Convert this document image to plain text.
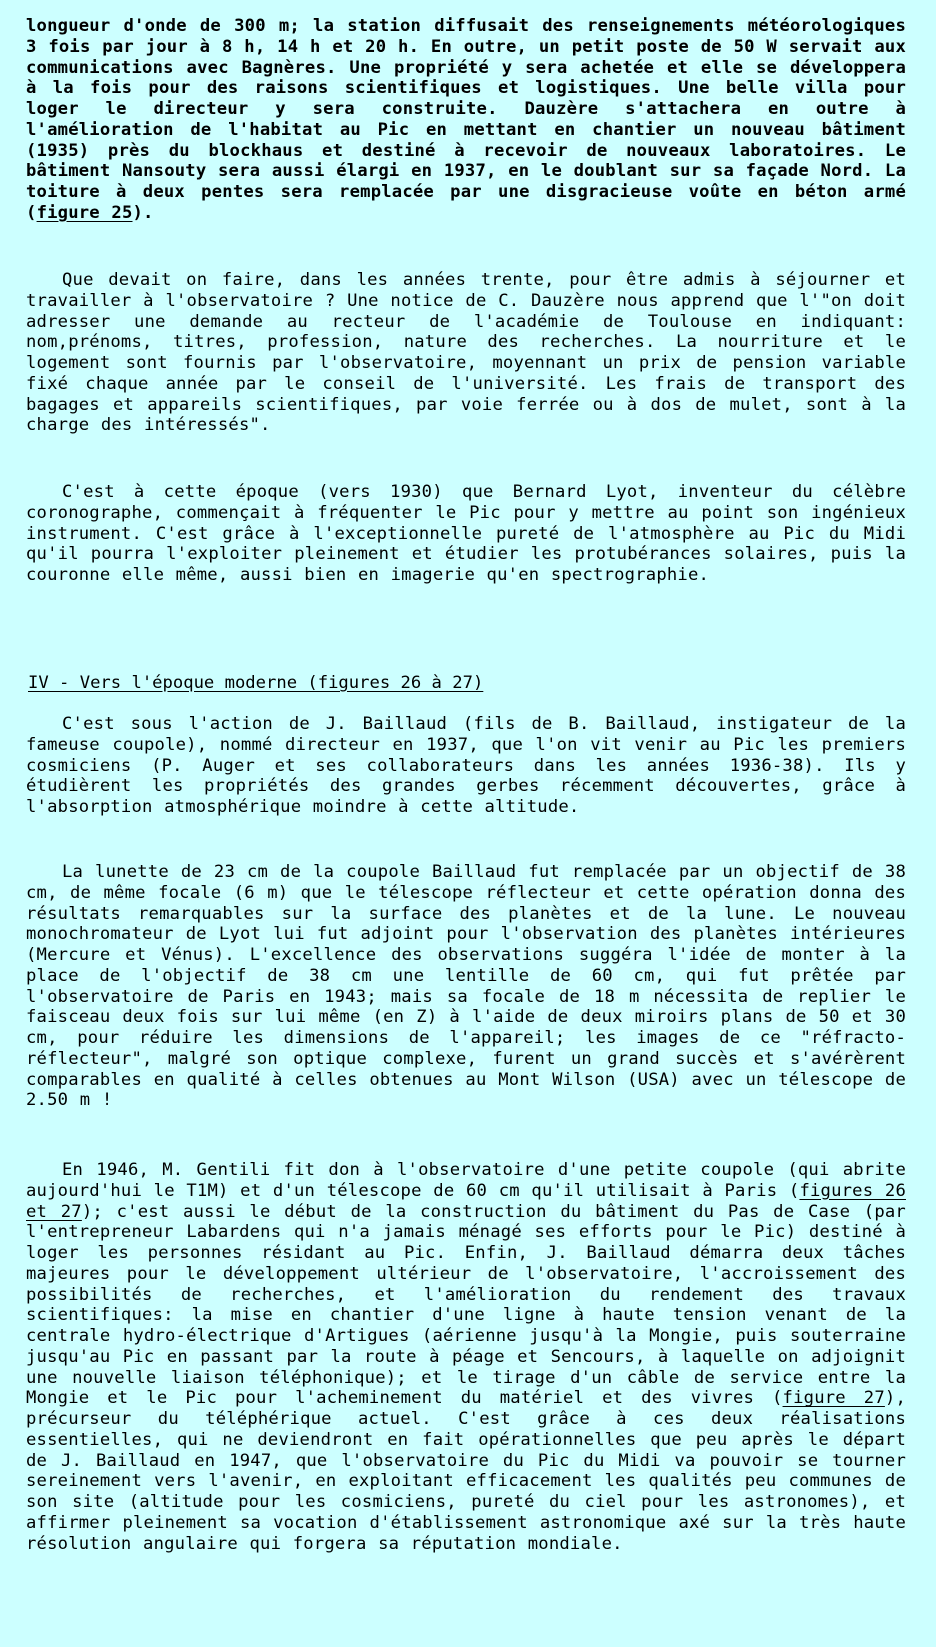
longueur d'onde de 300 m; la station diffusait des renseignements météorologiques 3 fois par jour à 8 h, 14 h et 20 h. En outre, un petit poste de 50 W servait aux communications avec Bagnères. Une propriété y sera achetée et elle se développera à la fois pour des raisons scientifiques et logistiques. Une belle villa pour loger le directeur y sera construite. Dauzère s'attachera en outre à l'amélioration de l'habitat au Pic en mettant en chantier un nouveau bâtiment (1935) près du blockhaus et destiné à recevoir de nouveaux laboratoires. Le bâtiment Nansouty sera aussi élargi en 1937, en le doublant sur sa façade Nord. La toiture à deux pentes sera remplacée par une disgracieuse voûte en béton armé (figure 25).

Que devait on faire, dans les années trente, pour être admis à séjourner et travailler à l'observatoire ? Une notice de C. Dauzère nous apprend que l'"on doit adresser une demande au recteur de l'académie de Toulouse en indiquant: nom,prénoms, titres, profession, nature des recherches. La nourriture et le logement sont fournis par l'observatoire, moyennant un prix de pension variable fixé chaque année par le conseil de l'université. Les frais de transport des bagages et appareils scientifiques, par voie ferrée ou à dos de mulet, sont à la charge des intéressés".

C'est à cette époque (vers 1930) que Bernard Lyot, inventeur du célèbre coronographe, commençait à fréquenter le Pic pour y mettre au point son ingénieux instrument. C'est grâce à l'exceptionnelle pureté de l'atmosphère au Pic du Midi qu'il pourra l'exploiter pleinement et étudier les protubérances solaires, puis la couronne elle même, aussi bien en imagerie qu'en spectrographie.

IV - Vers l'époque moderne (figures 26 à 27)

C'est sous l'action de J. Baillaud (fils de B. Baillaud, instigateur de la fameuse coupole), nommé directeur en 1937, que l'on vit venir au Pic les premiers cosmiciens (P. Auger et ses collaborateurs dans les années 1936-38). Ils y étudièrent les propriétés des grandes gerbes récemment découvertes, grâce à l'absorption atmosphérique moindre à cette altitude.

La lunette de 23 cm de la coupole Baillaud fut remplacée par un objectif de 38 cm, de même focale (6 m) que le télescope réflecteur et cette opération donna des résultats remarquables sur la surface des planètes et de la lune. Le nouveau monochromateur de Lyot lui fut adjoint pour l'observation des planètes intérieures (Mercure et Vénus). L'excellence des observations suggéra l'idée de monter à la place de l'objectif de 38 cm une lentille de 60 cm, qui fut prêtée par l'observatoire de Paris en 1943; mais sa focale de 18 m nécessita de replier le faisceau deux fois sur lui même (en Z) à l'aide de deux miroirs plans de 50 et 30 cm, pour réduire les dimensions de l'appareil; les images de ce "réfracto-réflecteur", malgré son optique complexe, furent un grand succès et s'avérèrent comparables en qualité à celles obtenues au Mont Wilson (USA) avec un télescope de 2.50 m !

En 1946, M. Gentili fit don à l'observatoire d'une petite coupole (qui abrite aujourd'hui le T1M) et d'un télescope de 60 cm qu'il utilisait à Paris (figures 26 et 27); c'est aussi le début de la construction du bâtiment du Pas de Case (par l'entrepreneur Labardens qui n'a jamais ménagé ses efforts pour le Pic) destiné à loger les personnes résidant au Pic. Enfin, J. Baillaud démarra deux tâches majeures pour le développement ultérieur de l'observatoire, l'accroissement des possibilités de recherches, et l'amélioration du rendement des travaux scientifiques: la mise en chantier d'une ligne à haute tension venant de la centrale hydro-électrique d'Artigues (aérienne jusqu'à la Mongie, puis souterraine jusqu'au Pic en passant par la route à péage et Sencours, à laquelle on adjoignit une nouvelle liaison téléphonique); et le tirage d'un câble de service entre la Mongie et le Pic pour l'acheminement du matériel et des vivres (figure 27), précurseur du téléphérique actuel. C'est grâce à ces deux réalisations essentielles, qui ne deviendront en fait opérationnelles que peu après le départ de J. Baillaud en 1947, que l'observatoire du Pic du Midi va pouvoir se tourner sereinement vers l'avenir, en exploitant efficacement les qualités peu communes de son site (altitude pour les cosmiciens, pureté du ciel pour les astronomes), et affirmer pleinement sa vocation d'établissement astronomique axé sur la très haute résolution angulaire qui forgera sa réputation mondiale.
